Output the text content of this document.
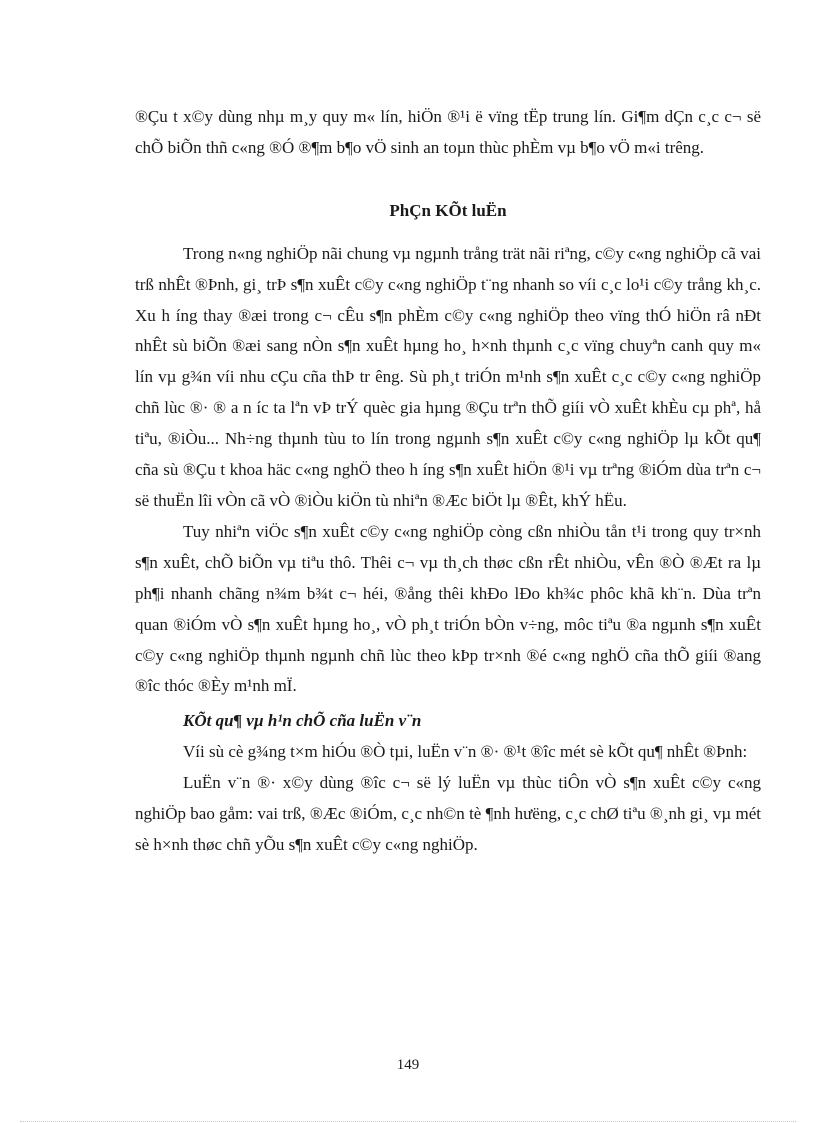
®Çu t x©y dùng nhµ m¸y quy m« lín, hiÖn ®¹i ë vïng tËp trung lín. Gi¶m dÇn c¸c c¬ së chÕ biÕn thñ c«ng ®Ó ®¶m b¶o vÖ sinh an toµn thùc phÈm vµ b¶o vÖ m«i trêng.

PhÇn KÕt luËn

Trong n«ng nghiÖp nãi chung vµ ngµnh trång trät nãi riªng, c©y c«ng nghiÖp cã vai trß nhÊt ®Þnh, gi¸ trÞ s¶n xuÊt c©y c«ng nghiÖp t¨ng nhanh so víi c¸c lo¹i c©y trång kh¸c. Xu h íng thay ®æi trong c¬ cÊu s¶n phÈm c©y c«ng nghiÖp theo vïng thÓ hiÖn râ nÐt nhÊt sù biÕn ®æi sang nÒn s¶n xuÊt hµng ho¸ h×nh thµnh c¸c vïng chuyªn canh quy m« lín vµ g¾n víi nhu cÇu cña thÞ tr êng. Sù ph¸t triÓn m¹nh s¶n xuÊt c¸c c©y c«ng nghiÖp chñ lùc ®· ® a n íc ta lªn vÞ trÝ quèc gia hµng ®Çu trªn thÕ giíi vÒ xuÊt khÈu cµ phª, hå tiªu, ®iÒu... Nh÷ng thµnh tùu to lín trong ngµnh s¶n xuÊt c©y c«ng nghiÖp lµ kÕt qu¶ cña sù ®Çu t khoa häc c«ng nghÖ theo h íng s¶n xuÊt hiÖn ®¹i vµ trªng ®iÓm dùa trªn c¬ së thuËn lîi vÒn cã vÒ ®iÒu kiÖn tù nhiªn ®Æc biÖt lµ ®Êt, khÝ hËu.

Tuy nhiªn viÖc s¶n xuÊt c©y c«ng nghiÖp còng cßn nhiÒu tån t¹i trong quy tr×nh s¶n xuÊt, chÕ biÕn vµ tiªu thô. Thêi c¬ vµ th¸ch thøc cßn rÊt nhiÒu, vÊn ®Ò ®Æt ra lµ ph¶i nhanh chãng n¾m b¾t c¬ héi, ®ång thêi khÐo lÐo kh¾c phôc khã kh¨n. Dùa trªn quan ®iÓm vÒ s¶n xuÊt hµng ho¸, vÒ ph¸t triÓn bÒn v÷ng, môc tiªu ®a ngµnh s¶n xuÊt c©y c«ng nghiÖp thµnh ngµnh chñ lùc theo kÞp tr×nh ®é c«ng nghÖ cña thÕ giíi ®ang ®îc thóc ®Èy m¹nh mÏ.

KÕt qu¶ vµ h¹n chÕ cña luËn v¨n

Víi sù cè g¾ng t×m hiÓu ®Ò tµi, luËn v¨n ®· ®¹t ®îc mét sè kÕt qu¶ nhÊt ®Þnh:

LuËn v¨n ®· x©y dùng ®îc c¬ së lý luËn vµ thùc tiÔn vÒ s¶n xuÊt c©y c«ng nghiÖp bao gåm: vai trß, ®Æc ®iÓm, c¸c nh©n tè ¶nh hưëng, c¸c chØ tiªu ®¸nh gi¸ vµ mét sè h×nh thøc chñ yÕu s¶n xuÊt c©y c«ng nghiÖp.

149
